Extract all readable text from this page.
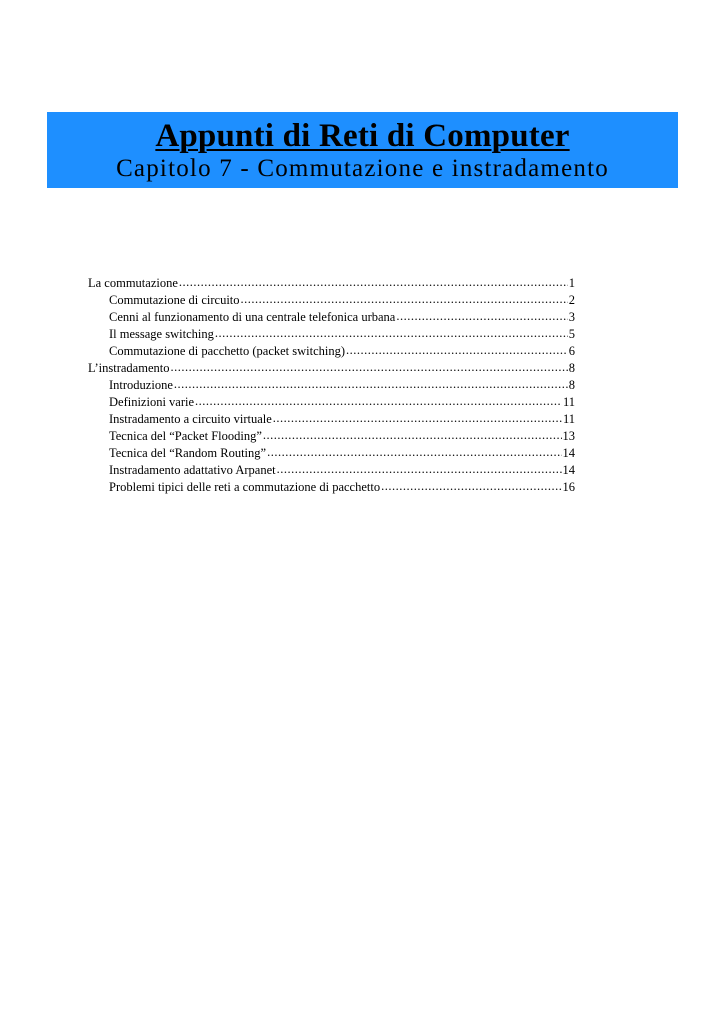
Appunti di Reti di Computer
Capitolo 7 - Commutazione e instradamento
La commutazione .....	1
Commutazione di circuito .....	2
Cenni al funzionamento di una centrale telefonica urbana .....	3
Il message switching .....	5
Commutazione di pacchetto (packet switching) .....	6
L’instradamento .....	8
Introduzione .....	8
Definizioni varie .....	11
Instradamento a circuito virtuale .....	11
Tecnica del “Packet Flooding” .....	13
Tecnica del “Random Routing” .....	14
Instradamento adattativo Arpanet .....	14
Problemi tipici delle reti a commutazione di pacchetto .....	16
